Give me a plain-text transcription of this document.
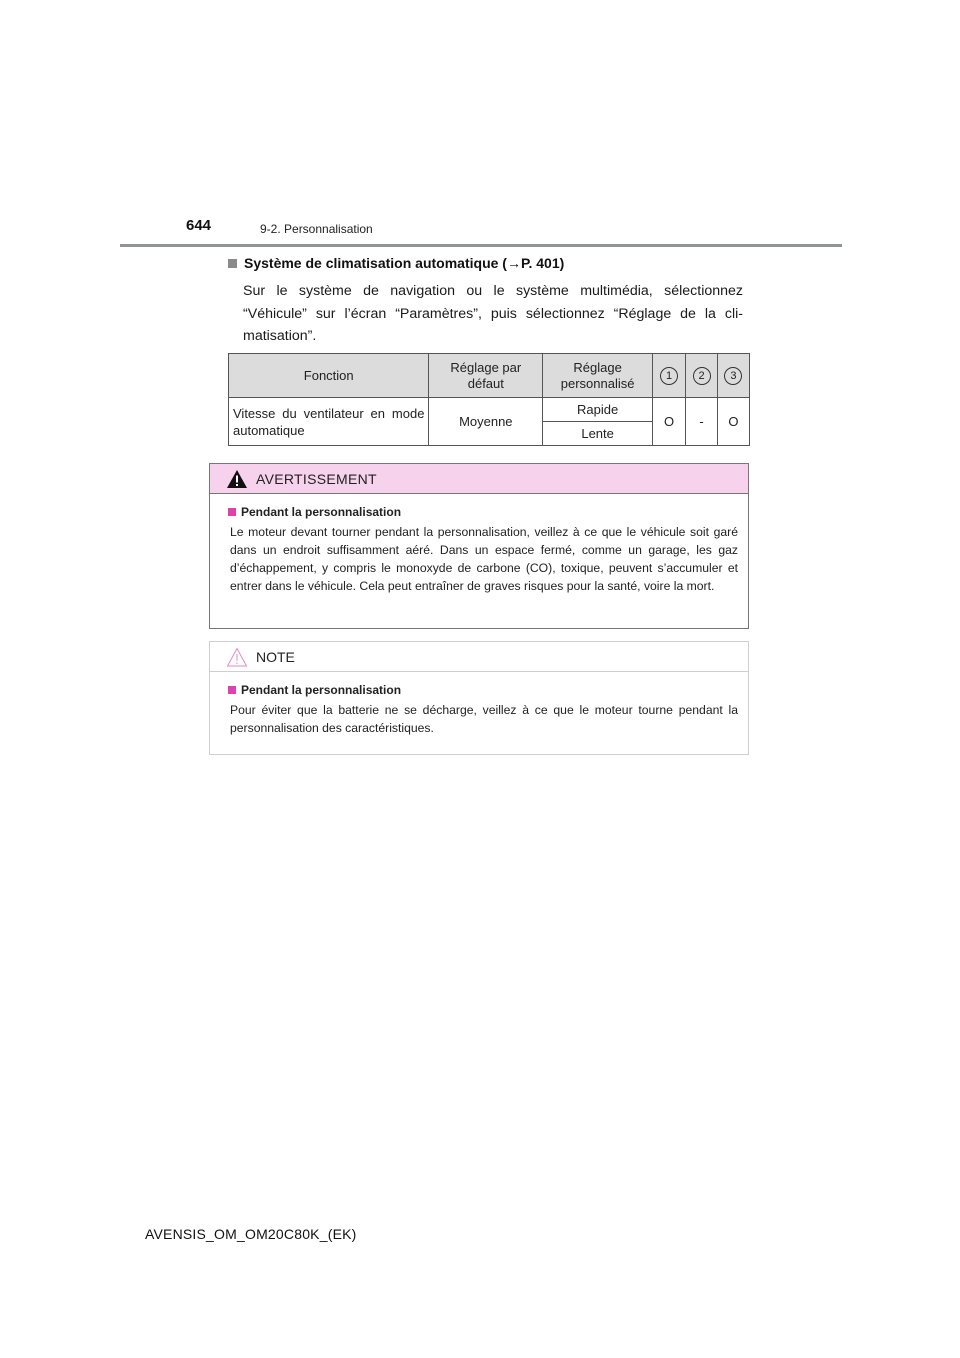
644	9-2. Personnalisation
Système de climatisation automatique (→P. 401)
Sur le système de navigation ou le système multimédia, sélectionnez “Véhicule” sur l’écran “Paramètres”, puis sélectionnez “Réglage de la cli-matisation”.
Fonction	Réglage par défaut	Réglage personnalisé	1	2	3
Vitesse du ventilateur en mode automatique	Moyenne	Rapide	O	-	O
		Lente			
AVERTISSEMENT
Pendant la personnalisation
Le moteur devant tourner pendant la personnalisation, veillez à ce que le véhicule soit garé dans un endroit suffisamment aéré. Dans un espace fermé, comme un garage, les gaz d’échappement, y compris le monoxyde de carbone (CO), toxique, peuvent s’accumuler et entrer dans le véhicule. Cela peut entraîner de graves risques pour la santé, voire la mort.
NOTE
Pendant la personnalisation
Pour éviter que la batterie ne se décharge, veillez à ce que le moteur tourne pendant la personnalisation des caractéristiques.
AVENSIS_OM_OM20C80K_(EK)
